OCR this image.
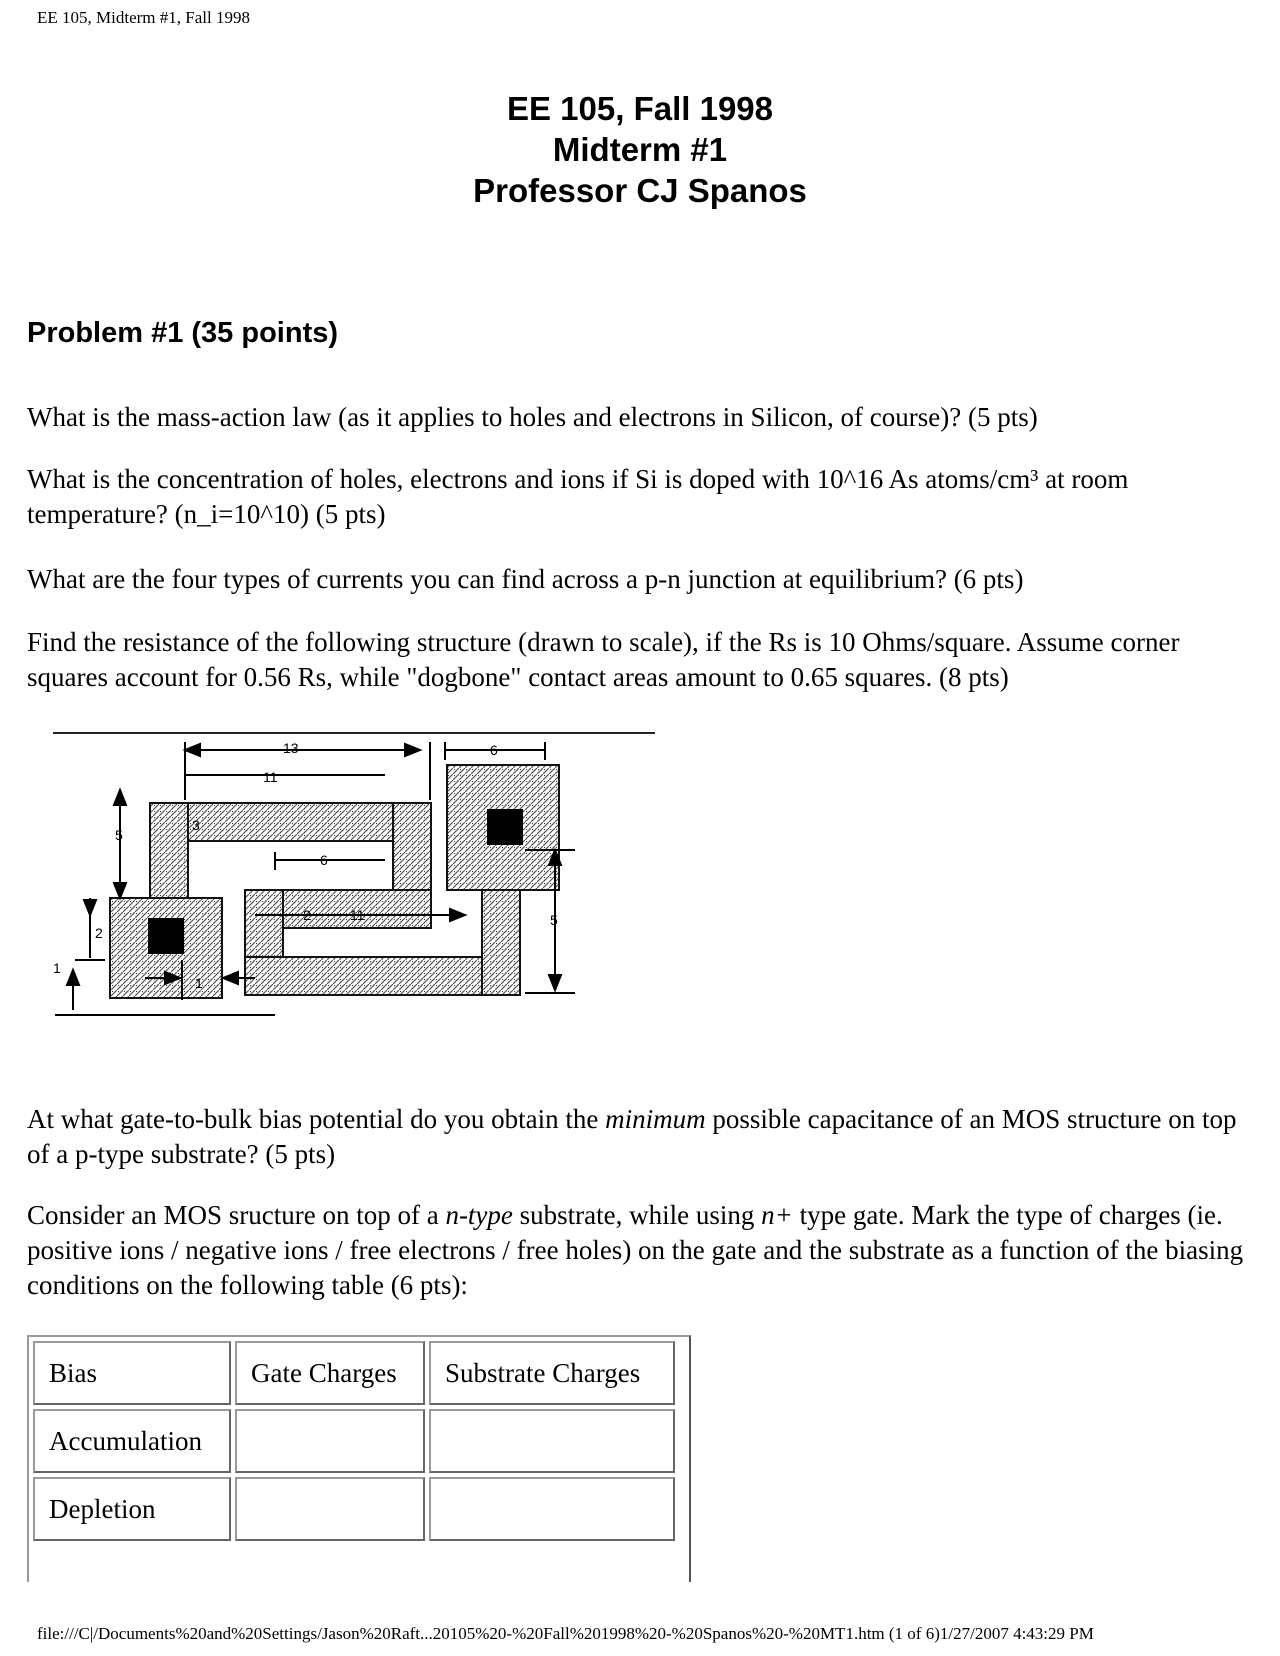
EE 105, Midterm #1, Fall 1998
EE 105, Fall 1998
Midterm #1
Professor CJ Spanos
Problem #1 (35 points)
What is the mass-action law (as it applies to holes and electrons in Silicon, of course)? (5 pts)
What is the concentration of holes, electrons and ions if Si is doped with 10^16 As atoms/cm³ at room temperature? (n_i=10^10) (5 pts)
What are the four types of currents you can find across a p-n junction at equilibrium? (6 pts)
Find the resistance of the following structure (drawn to scale), if the Rs is 10 Ohms/square. Assume corner squares account for 0.56 Rs, while "dogbone" contact areas amount to 0.65 squares. (8 pts)
13
11
6
5
3
6
11
2	5
2
1
1
At what gate-to-bulk bias potential do you obtain the minimum possible capacitance of an MOS structure on top of a p-type substrate? (5 pts)
Consider an MOS sructure on top of a n-type substrate, while using n+ type gate. Mark the type of charges (ie. positive ions / negative ions / free electrons / free holes) on the gate and the substrate as a function of the biasing conditions on the following table (6 pts):
Bias	Gate Charges	Substrate Charges
Accumulation
Depletion
file:///C|/Documents%20and%20Settings/Jason%20Raft...20105%20-%20Fall%201998%20-%20Spanos%20-%20MT1.htm (1 of 6)1/27/2007 4:43:29 PM
